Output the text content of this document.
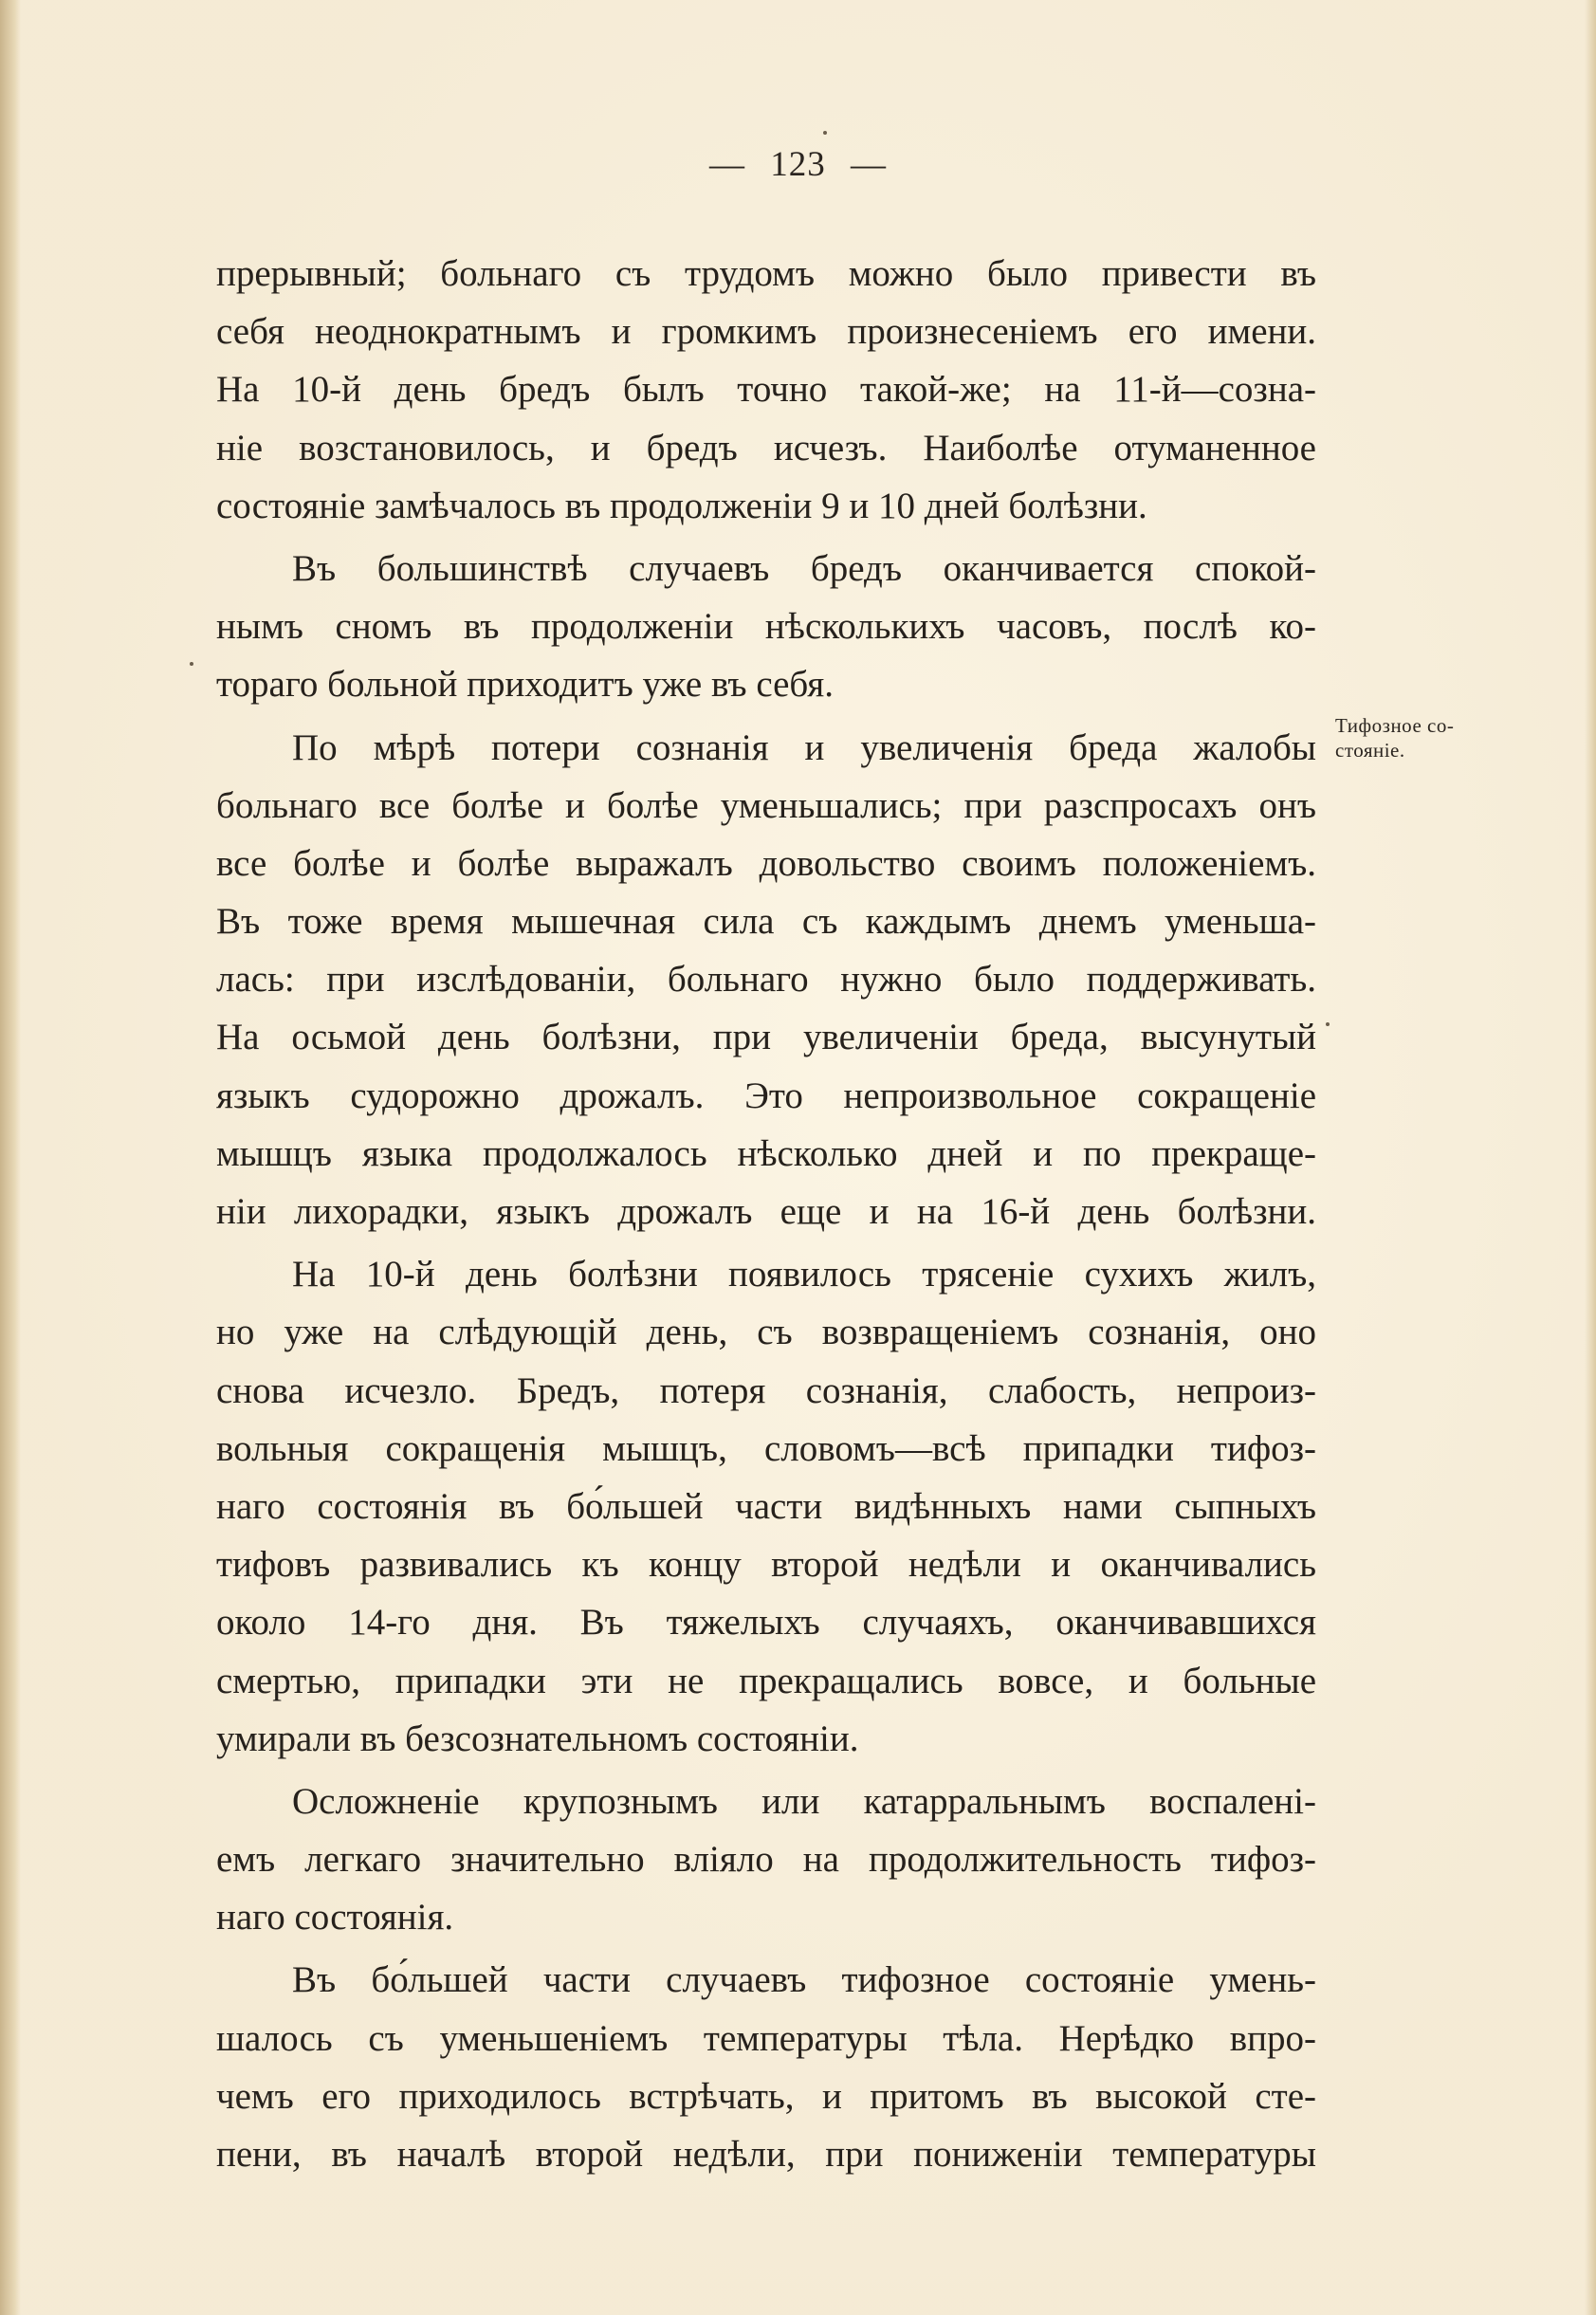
— 123 —
Тифозное со-
стояніе.
прерывный; больнаго съ трудомъ можно было привести въ
себя неоднократнымъ и громкимъ произнесеніемъ его имени.
На 10-й день бредъ былъ точно такой-же; на 11-й—созна-
ніе возстановилось, и бредъ исчезъ. Наиболѣе отуманенное
состояніе замѣчалось въ продолженіи 9 и 10 дней болѣзни.
Въ большинствѣ случаевъ бредъ оканчивается спокой-
нымъ сномъ въ продолженіи нѣсколькихъ часовъ, послѣ ко-
тораго больной приходитъ уже въ себя.
По мѣрѣ потери сознанія и увеличенія бреда жалобы
больнаго все болѣе и болѣе уменьшались; при разспросахъ онъ
все болѣе и болѣе выражалъ довольство своимъ положеніемъ.
Въ тоже время мышечная сила съ каждымъ днемъ уменьша-
лась: при изслѣдованіи, больнаго нужно было поддерживать.
На осьмой день болѣзни, при увеличеніи бреда, высунутый
языкъ судорожно дрожалъ. Это непроизвольное сокращеніе
мышцъ языка продолжалось нѣсколько дней и по прекраще-
ніи лихорадки, языкъ дрожалъ еще и на 16-й день болѣзни.
На 10-й день болѣзни появилось трясеніе сухихъ жилъ,
но уже на слѣдующій день, съ возвращеніемъ сознанія, оно
снова исчезло. Бредъ, потеря сознанія, слабость, непроиз-
вольныя сокращенія мышцъ, словомъ—всѣ припадки тифоз-
наго состоянія въ бо́льшей части видѣнныхъ нами сыпныхъ
тифовъ развивались къ концу второй недѣли и оканчивались
около 14-го дня. Въ тяжелыхъ случаяхъ, оканчивавшихся
смертью, припадки эти не прекращались вовсе, и больные
умирали въ безсознательномъ состояніи.
Осложненіе крупознымъ или катарральнымъ воспалені-
емъ легкаго значительно вліяло на продолжительность тифоз-
наго состоянія.
Въ бо́льшей части случаевъ тифозное состояніе умень-
шалось съ уменьшеніемъ температуры тѣла. Нерѣдко впро-
чемъ его приходилось встрѣчать, и притомъ въ высокой сте-
пени, въ началѣ второй недѣли, при пониженіи температуры
